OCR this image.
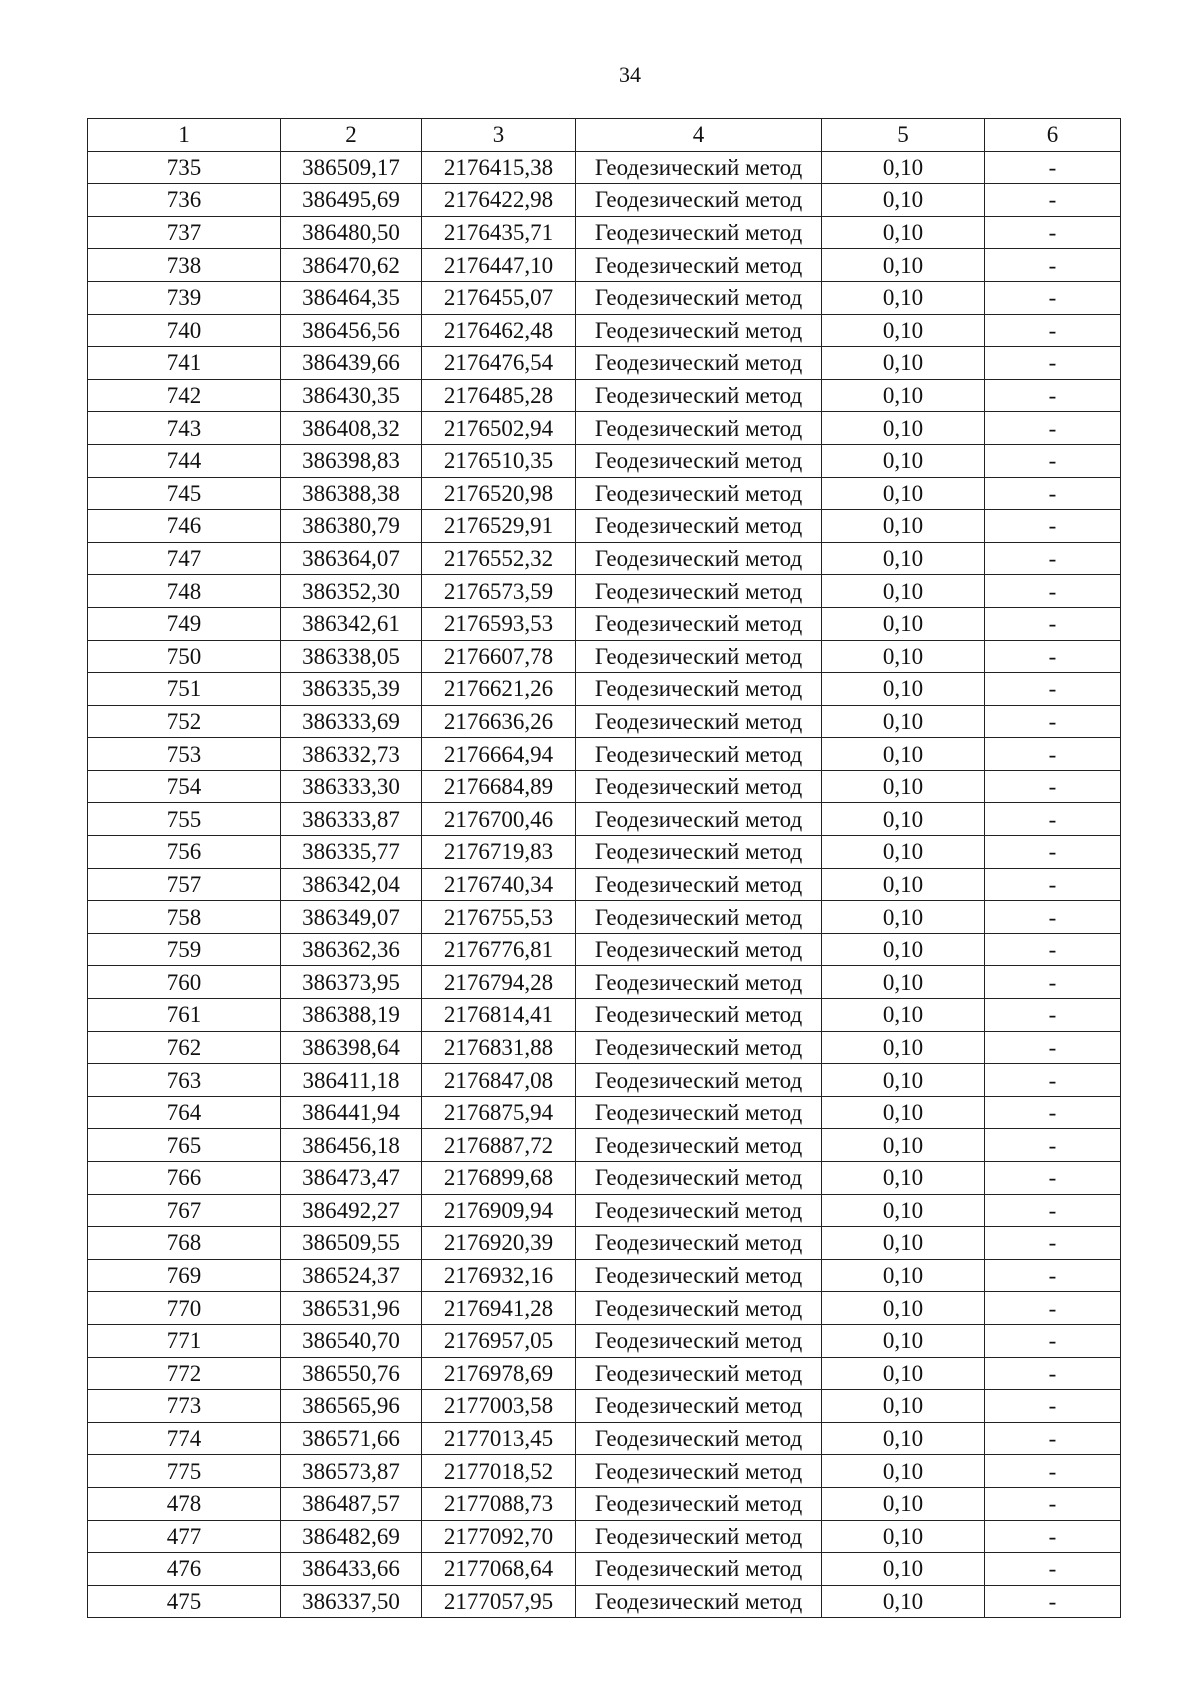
34
1	2	3	4	5	6
735	386509,17	2176415,38	Геодезический метод	0,10	-
736	386495,69	2176422,98	Геодезический метод	0,10	-
737	386480,50	2176435,71	Геодезический метод	0,10	-
738	386470,62	2176447,10	Геодезический метод	0,10	-
739	386464,35	2176455,07	Геодезический метод	0,10	-
740	386456,56	2176462,48	Геодезический метод	0,10	-
741	386439,66	2176476,54	Геодезический метод	0,10	-
742	386430,35	2176485,28	Геодезический метод	0,10	-
743	386408,32	2176502,94	Геодезический метод	0,10	-
744	386398,83	2176510,35	Геодезический метод	0,10	-
745	386388,38	2176520,98	Геодезический метод	0,10	-
746	386380,79	2176529,91	Геодезический метод	0,10	-
747	386364,07	2176552,32	Геодезический метод	0,10	-
748	386352,30	2176573,59	Геодезический метод	0,10	-
749	386342,61	2176593,53	Геодезический метод	0,10	-
750	386338,05	2176607,78	Геодезический метод	0,10	-
751	386335,39	2176621,26	Геодезический метод	0,10	-
752	386333,69	2176636,26	Геодезический метод	0,10	-
753	386332,73	2176664,94	Геодезический метод	0,10	-
754	386333,30	2176684,89	Геодезический метод	0,10	-
755	386333,87	2176700,46	Геодезический метод	0,10	-
756	386335,77	2176719,83	Геодезический метод	0,10	-
757	386342,04	2176740,34	Геодезический метод	0,10	-
758	386349,07	2176755,53	Геодезический метод	0,10	-
759	386362,36	2176776,81	Геодезический метод	0,10	-
760	386373,95	2176794,28	Геодезический метод	0,10	-
761	386388,19	2176814,41	Геодезический метод	0,10	-
762	386398,64	2176831,88	Геодезический метод	0,10	-
763	386411,18	2176847,08	Геодезический метод	0,10	-
764	386441,94	2176875,94	Геодезический метод	0,10	-
765	386456,18	2176887,72	Геодезический метод	0,10	-
766	386473,47	2176899,68	Геодезический метод	0,10	-
767	386492,27	2176909,94	Геодезический метод	0,10	-
768	386509,55	2176920,39	Геодезический метод	0,10	-
769	386524,37	2176932,16	Геодезический метод	0,10	-
770	386531,96	2176941,28	Геодезический метод	0,10	-
771	386540,70	2176957,05	Геодезический метод	0,10	-
772	386550,76	2176978,69	Геодезический метод	0,10	-
773	386565,96	2177003,58	Геодезический метод	0,10	-
774	386571,66	2177013,45	Геодезический метод	0,10	-
775	386573,87	2177018,52	Геодезический метод	0,10	-
478	386487,57	2177088,73	Геодезический метод	0,10	-
477	386482,69	2177092,70	Геодезический метод	0,10	-
476	386433,66	2177068,64	Геодезический метод	0,10	-
475	386337,50	2177057,95	Геодезический метод	0,10	-
